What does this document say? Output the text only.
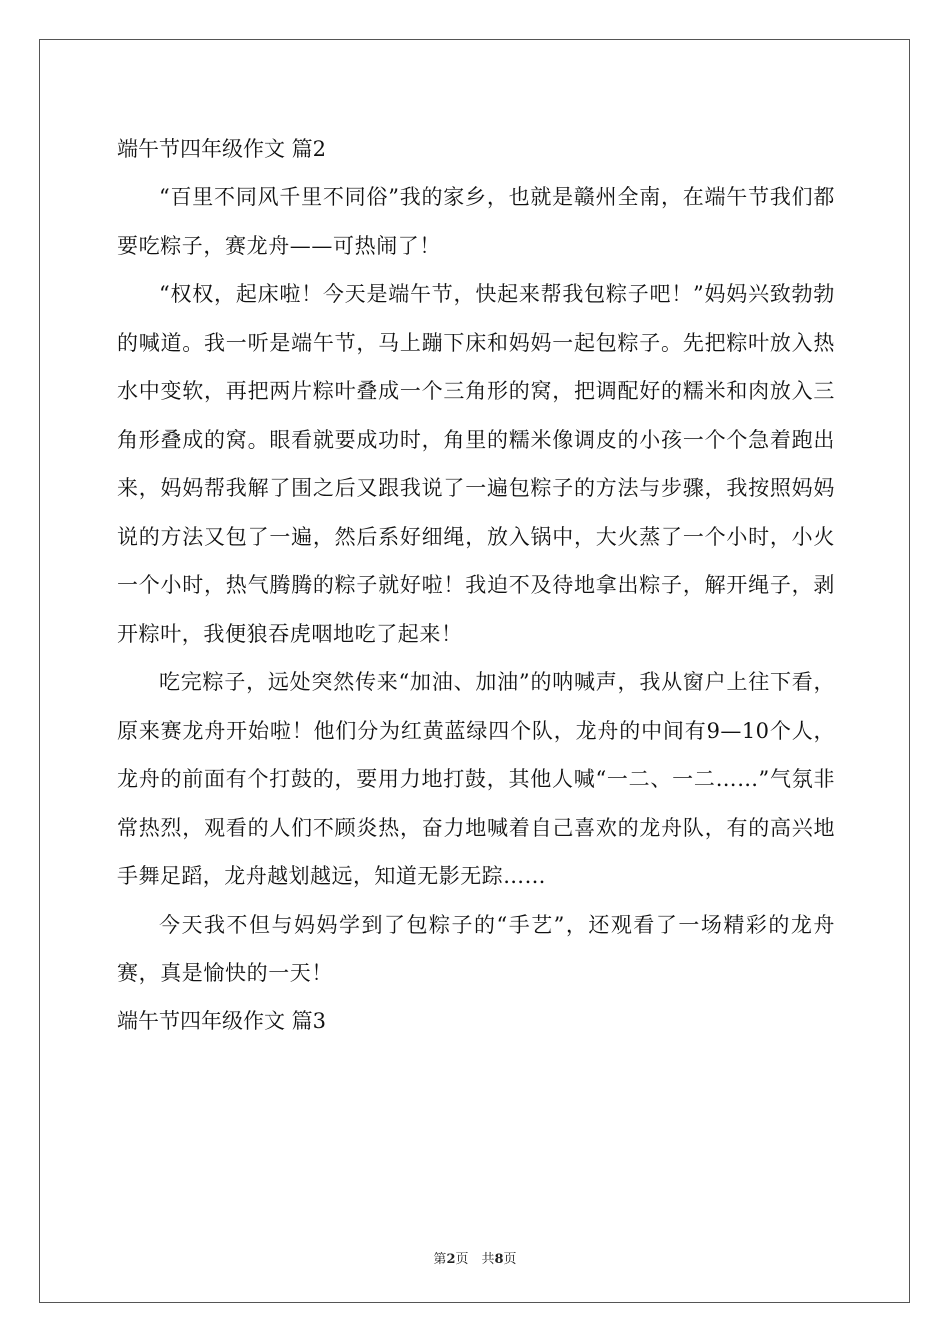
端午节四年级作文 篇2

“百里不同风千里不同俗”我的家乡，也就是赣州全南，在端午节我们都要吃粽子，赛龙舟——可热闹了！

“权权，起床啦！今天是端午节，快起来帮我包粽子吧！”妈妈兴致勃勃的喊道。我一听是端午节，马上蹦下床和妈妈一起包粽子。先把粽叶放入热水中变软，再把两片粽叶叠成一个三角形的窝，把调配好的糯米和肉放入三角形叠成的窝。眼看就要成功时，角里的糯米像调皮的小孩一个个急着跑出来，妈妈帮我解了围之后又跟我说了一遍包粽子的方法与步骤，我按照妈妈说的方法又包了一遍，然后系好细绳，放入锅中，大火蒸了一个小时，小火一个小时，热气腾腾的粽子就好啦！我迫不及待地拿出粽子，解开绳子，剥开粽叶，我便狼吞虎咽地吃了起来！

吃完粽子，远处突然传来“加油、加油”的呐喊声，我从窗户上往下看，原来赛龙舟开始啦！他们分为红黄蓝绿四个队，龙舟的中间有9—10个人，龙舟的前面有个打鼓的，要用力地打鼓，其他人喊“一二、一二……”气氛非常热烈，观看的人们不顾炎热，奋力地喊着自己喜欢的龙舟队，有的高兴地手舞足蹈，龙舟越划越远，知道无影无踪……

今天我不但与妈妈学到了包粽子的“手艺”，还观看了一场精彩的龙舟赛，真是愉快的一天！

端午节四年级作文 篇3

第2页　共8页
